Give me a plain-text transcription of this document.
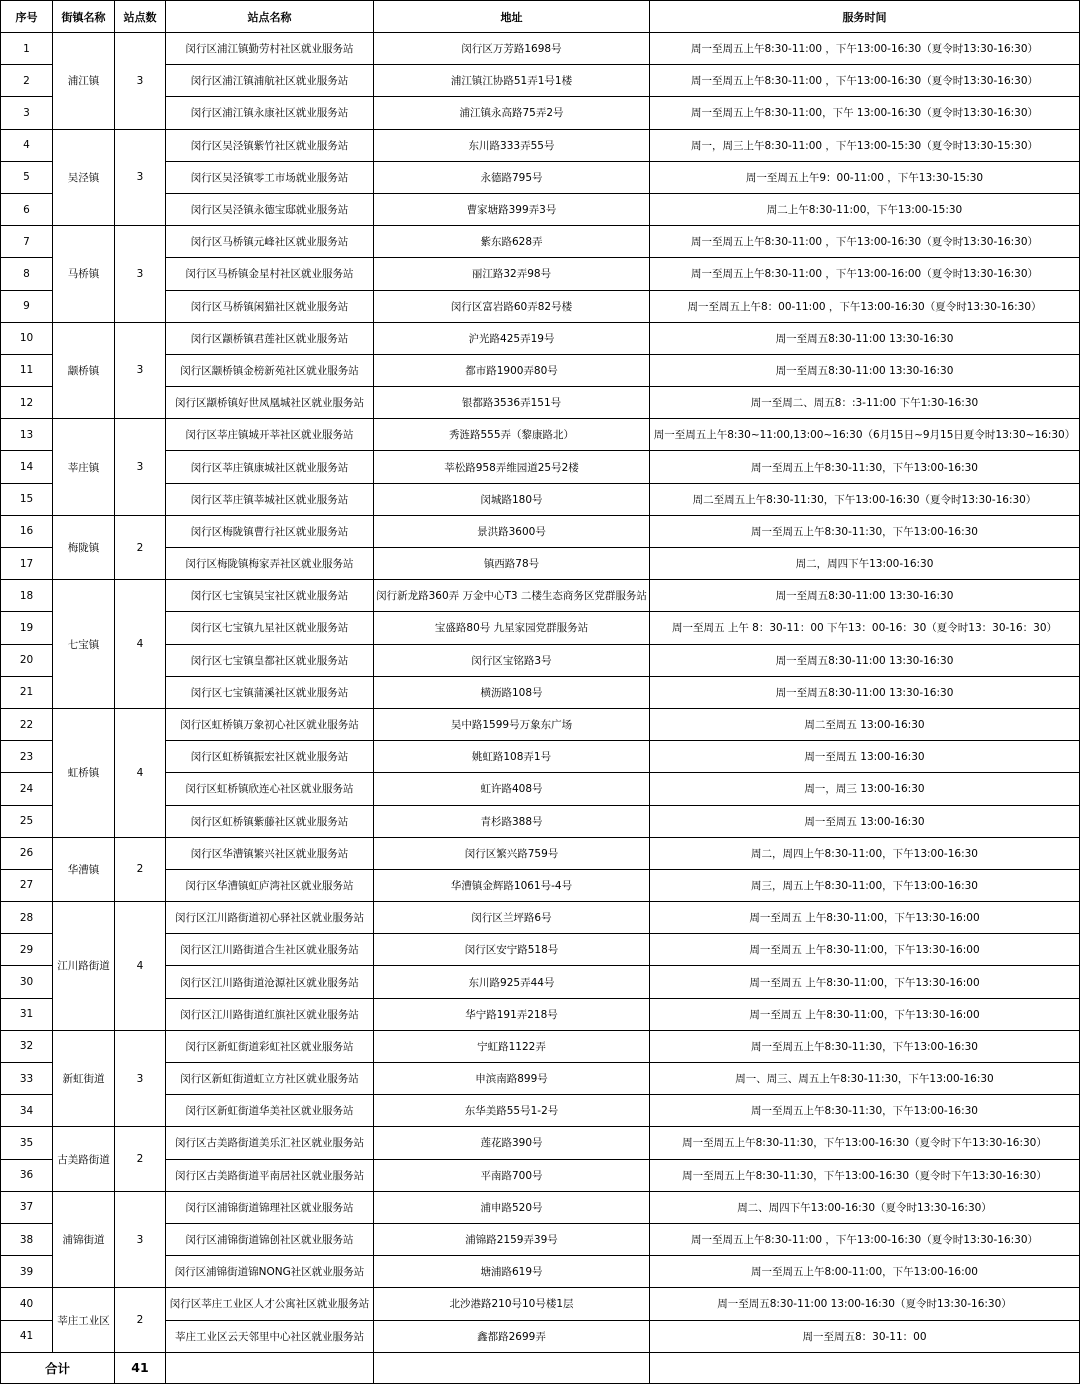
序号	街镇名称	站点数	站点名称	地址	服务时间
1	浦江镇	3	闵行区浦江镇勤劳村社区就业服务站	闵行区万芳路1698号	周一至周五上午8:30-11:00 ，下午13:00-16:30（夏令时13:30-16:30）
2			闵行区浦江镇浦航社区就业服务站	浦江镇江协路51弄1号1楼	周一至周五上午8:30-11:00 ，下午13:00-16:30（夏令时13:30-16:30）
3			闵行区浦江镇永康社区就业服务站	浦江镇永高路75弄2号	周一至周五上午8:30-11:00，下午 13:00-16:30（夏令时13:30-16:30）
4	吴泾镇	3	闵行区吴泾镇紫竹社区就业服务站	东川路333弄55号	周一，周三上午8:30-11:00 ，下午13:00-15:30（夏令时13:30-15:30）
5			闵行区吴泾镇零工市场就业服务站	永德路795号	周一至周五上午9：00-11:00 ，下午13:30-15:30
6			闵行区吴泾镇永德宝邸就业服务站	曹家塘路399弄3号	周二上午8:30-11:00，下午13:00-15:30
7	马桥镇	3	闵行区马桥镇元峰社区就业服务站	紫东路628弄	周一至周五上午8:30-11:00 ，下午13:00-16:30（夏令时13:30-16:30）
8			闵行区马桥镇金星村社区就业服务站	丽江路32弄98号	周一至周五上午8:30-11:00 ，下午13:00-16:00（夏令时13:30-16:30）
9			闵行区马桥镇闲猫社区就业服务站	闵行区富岩路60弄82号楼	周一至周五上午8：00-11:00 ，下午13:00-16:30（夏令时13:30-16:30）
10	颛桥镇	3	闵行区颛桥镇君莲社区就业服务站	沪光路425弄19号	周一至周五8:30-11:00 13:30-16:30
11			闵行区颛桥镇金榜新苑社区就业服务站	都市路1900弄80号	周一至周五8:30-11:00 13:30-16:30
12			闵行区颛桥镇好世凤凰城社区就业服务站	银都路3536弄151号	周一至周二、周五8：:3-11:00 下午1:30-16:30
13	莘庄镇	3	闵行区莘庄镇城开莘社区就业服务站	秀涟路555弄（黎康路北）	周一至周五上午8:30~11:00,13:00~16:30（6月15日~9月15日夏令时13:30~16:30）
14			闵行区莘庄镇康城社区就业服务站	莘松路958弄维园道25号2楼	周一至周五上午8:30-11:30，下午13:00-16:30
15			闵行区莘庄镇莘城社区就业服务站	闵城路180号	周二至周五上午8:30-11:30，下午13:00-16:30（夏令时13:30-16:30）
16	梅陇镇	2	闵行区梅陇镇曹行社区就业服务站	景洪路3600号	周一至周五上午8:30-11:30，下午13:00-16:30
17			闵行区梅陇镇梅家弄社区就业服务站	镇西路78号	周二，周四下午13:00-16:30
18	七宝镇	4	闵行区七宝镇吴宝社区就业服务站	闵行新龙路360弄 万金中心T3 二楼生态商务区党群服务站	周一至周五8:30-11:00 13:30-16:30
19			闵行区七宝镇九星社区就业服务站	宝盛路80号 九星家园党群服务站	周一至周五 上午 8：30-11：00 下午13：00-16：30（夏令时13：30-16：30）
20			闵行区七宝镇皇都社区就业服务站	闵行区宝铭路3号	周一至周五8:30-11:00 13:30-16:30
21			闵行区七宝镇蒲溪社区就业服务站	横沥路108号	周一至周五8:30-11:00 13:30-16:30
22	虹桥镇	4	闵行区虹桥镇万象初心社区就业服务站	吴中路1599号万象东广场	周二至周五 13:00-16:30
23			闵行区虹桥镇振宏社区就业服务站	姚虹路108弄1号	周一至周五 13:00-16:30
24			闵行区虹桥镇欣连心社区就业服务站	虹许路408号	周一，周三 13:00-16:30
25			闵行区虹桥镇紫藤社区就业服务站	青杉路388号	周一至周五 13:00-16:30
26	华漕镇	2	闵行区华漕镇繁兴社区就业服务站	闵行区繁兴路759号	周二，周四上午8:30-11:00，下午13:00-16:30
27			闵行区华漕镇虹庐湾社区就业服务站	华漕镇金辉路1061号-4号	周三，周五上午8:30-11:00，下午13:00-16:30
28	江川路街道	4	闵行区江川路街道初心驿社区就业服务站	闵行区兰坪路6号	周一至周五 上午8:30-11:00，下午13:30-16:00
29			闵行区江川路街道合生社区就业服务站	闵行区安宁路518号	周一至周五 上午8:30-11:00，下午13:30-16:00
30			闵行区江川路街道沧源社区就业服务站	东川路925弄44号	周一至周五 上午8:30-11:00，下午13:30-16:00
31			闵行区江川路街道红旗社区就业服务站	华宁路191弄218号	周一至周五 上午8:30-11:00，下午13:30-16:00
32	新虹街道	3	闵行区新虹街道彩虹社区就业服务站	宁虹路1122弄	周一至周五上午8:30-11:30，下午13:00-16:30
33			闵行区新虹街道虹立方社区就业服务站	申滨南路899号	周一、周三、周五上午8:30-11:30，下午13:00-16:30
34			闵行区新虹街道华美社区就业服务站	东华美路55号1-2号	周一至周五上午8:30-11:30，下午13:00-16:30
35	古美路街道	2	闵行区古美路街道美乐汇社区就业服务站	莲花路390号	周一至周五上午8:30-11:30，下午13:00-16:30（夏令时下午13:30-16:30）
36			闵行区古美路街道平南居社区就业服务站	平南路700号	周一至周五上午8:30-11:30，下午13:00-16:30（夏令时下午13:30-16:30）
37	浦锦街道	3	闵行区浦锦街道锦理社区就业服务站	浦申路520号	周二、周四下午13:00-16:30（夏令时13:30-16:30）
38			闵行区浦锦街道锦创社区就业服务站	浦锦路2159弄39号	周一至周五上午8:30-11:00 ，下午13:00-16:30（夏令时13:30-16:30）
39			闵行区浦锦街道锦NONG社区就业服务站	塘浦路619号	周一至周五上午8:00-11:00，下午13:00-16:00
40	莘庄工业区	2	闵行区莘庄工业区人才公寓社区就业服务站	北沙港路210号10号楼1层	周一至周五8:30-11:00 13:00-16:30（夏令时13:30-16:30）
41			莘庄工业区云天邻里中心社区就业服务站	鑫都路2699弄	周一至周五8：30-11：00
合计		41			
